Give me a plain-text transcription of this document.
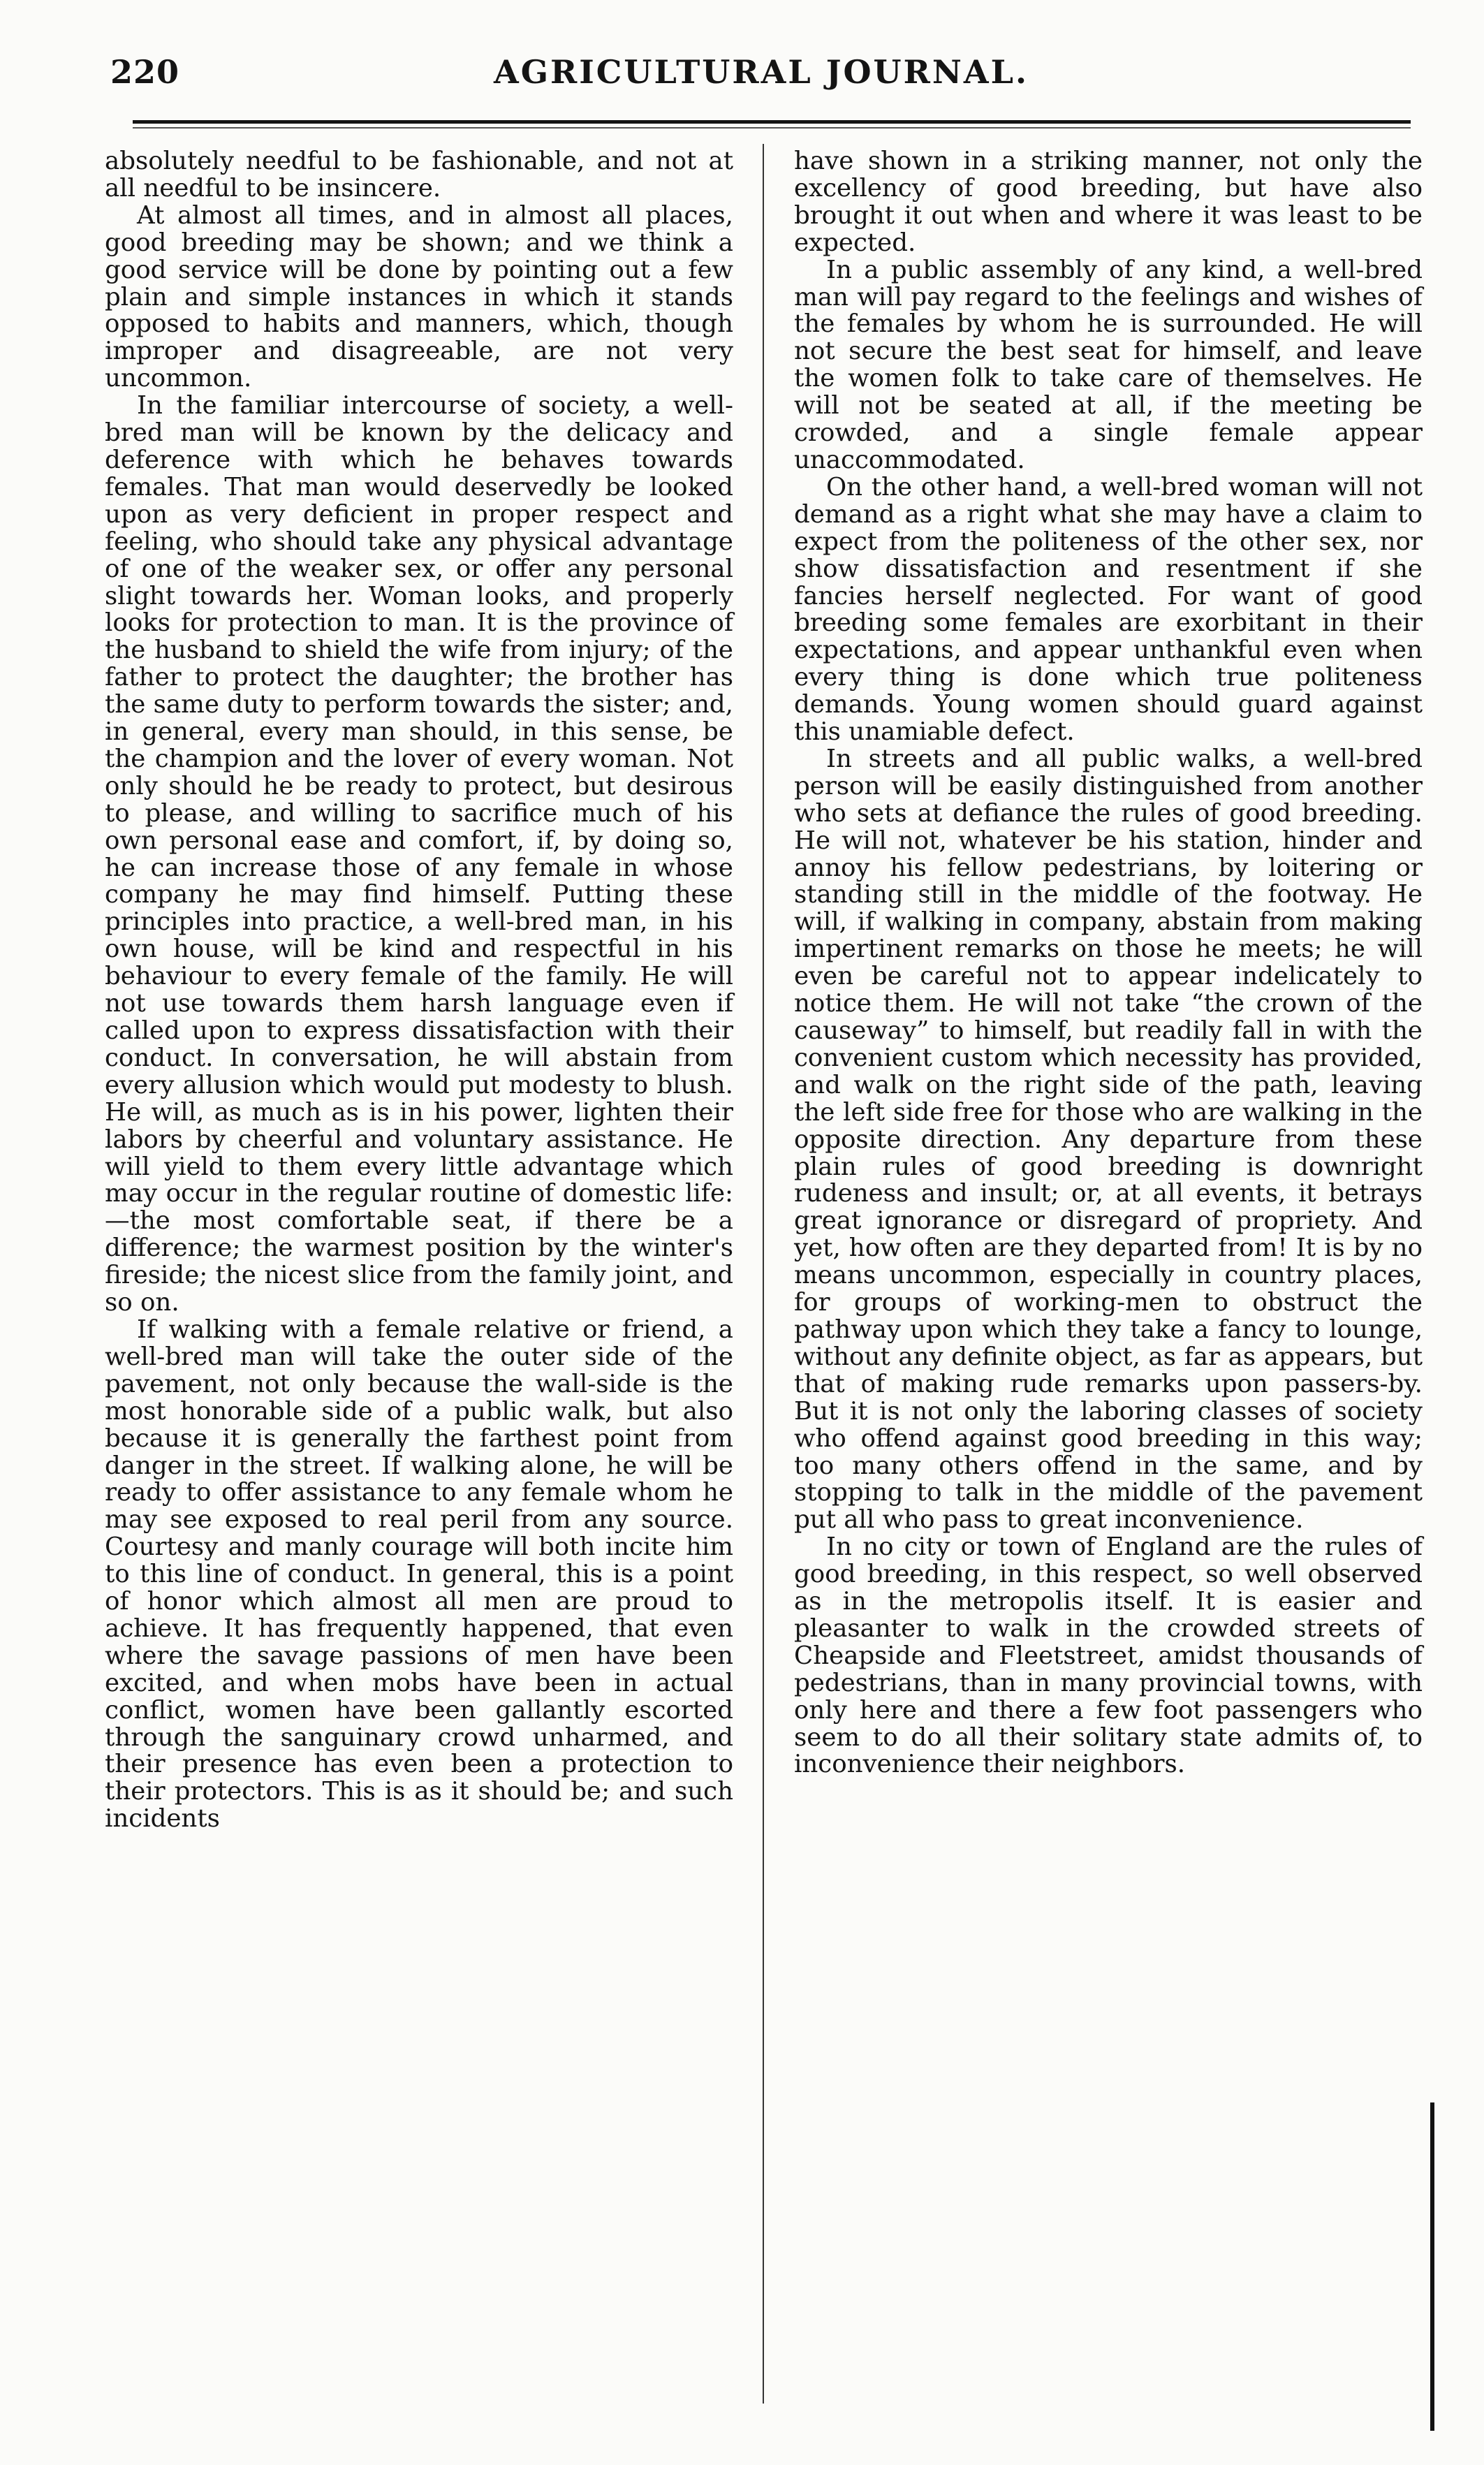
220	AGRICULTURAL JOURNAL.

absolutely needful to be fashionable, and not at all needful to be insincere.

At almost all times, and in almost all places, good breeding may be shown; and we think a good service will be done by pointing out a few plain and simple instances in which it stands opposed to habits and manners, which, though improper and disagreeable, are not very uncommon.

In the familiar intercourse of society, a well-bred man will be known by the delicacy and deference with which he behaves towards females. That man would deservedly be looked upon as very deficient in proper respect and feeling, who should take any physical advantage of one of the weaker sex, or offer any personal slight towards her. Woman looks, and properly looks for protection to man. It is the province of the husband to shield the wife from injury; of the father to protect the daughter; the brother has the same duty to perform towards the sister; and, in general, every man should, in this sense, be the champion and the lover of every woman. Not only should he be ready to protect, but desirous to please, and willing to sacrifice much of his own personal ease and comfort, if, by doing so, he can increase those of any female in whose company he may find himself. Putting these principles into practice, a well-bred man, in his own house, will be kind and respectful in his behaviour to every female of the family. He will not use towards them harsh language even if called upon to express dissatisfaction with their conduct. In conversation, he will abstain from every allusion which would put modesty to blush. He will, as much as is in his power, lighten their labors by cheerful and voluntary assistance. He will yield to them every little advantage which may occur in the regular routine of domestic life:—the most comfortable seat, if there be a difference; the warmest position by the winter's fireside; the nicest slice from the family joint, and so on.

If walking with a female relative or friend, a well-bred man will take the outer side of the pavement, not only because the wall-side is the most honorable side of a public walk, but also because it is generally the farthest point from danger in the street. If walking alone, he will be ready to offer assistance to any female whom he may see exposed to real peril from any source. Courtesy and manly courage will both incite him to this line of conduct. In general, this is a point of honor which almost all men are proud to achieve. It has frequently happened, that even where the savage passions of men have been excited, and when mobs have been in actual conflict, women have been gallantly escorted through the sanguinary crowd unharmed, and their presence has even been a protection to their protectors. This is as it should be; and such incidents

have shown in a striking manner, not only the excellency of good breeding, but have also brought it out when and where it was least to be expected.

In a public assembly of any kind, a well-bred man will pay regard to the feelings and wishes of the females by whom he is surrounded. He will not secure the best seat for himself, and leave the women folk to take care of themselves. He will not be seated at all, if the meeting be crowded, and a single female appear unaccommodated.

On the other hand, a well-bred woman will not demand as a right what she may have a claim to expect from the politeness of the other sex, nor show dissatisfaction and resentment if she fancies herself neglected. For want of good breeding some females are exorbitant in their expectations, and appear unthankful even when every thing is done which true politeness demands. Young women should guard against this unamiable defect.

In streets and all public walks, a well-bred person will be easily distinguished from another who sets at defiance the rules of good breeding. He will not, whatever be his station, hinder and annoy his fellow pedestrians, by loitering or standing still in the middle of the footway. He will, if walking in company, abstain from making impertinent remarks on those he meets; he will even be careful not to appear indelicately to notice them. He will not take “the crown of the causeway” to himself, but readily fall in with the convenient custom which necessity has provided, and walk on the right side of the path, leaving the left side free for those who are walking in the opposite direction. Any departure from these plain rules of good breeding is downright rudeness and insult; or, at all events, it betrays great ignorance or disregard of propriety. And yet, how often are they departed from! It is by no means uncommon, especially in country places, for groups of working-men to obstruct the pathway upon which they take a fancy to lounge, without any definite object, as far as appears, but that of making rude remarks upon passers-by. But it is not only the laboring classes of society who offend against good breeding in this way; too many others offend in the same, and by stopping to talk in the middle of the pavement put all who pass to great inconvenience.

In no city or town of England are the rules of good breeding, in this respect, so well observed as in the metropolis itself. It is easier and pleasanter to walk in the crowded streets of Cheapside and Fleetstreet, amidst thousands of pedestrians, than in many provincial towns, with only here and there a few foot passengers who seem to do all their solitary state admits of, to inconvenience their neighbors.
